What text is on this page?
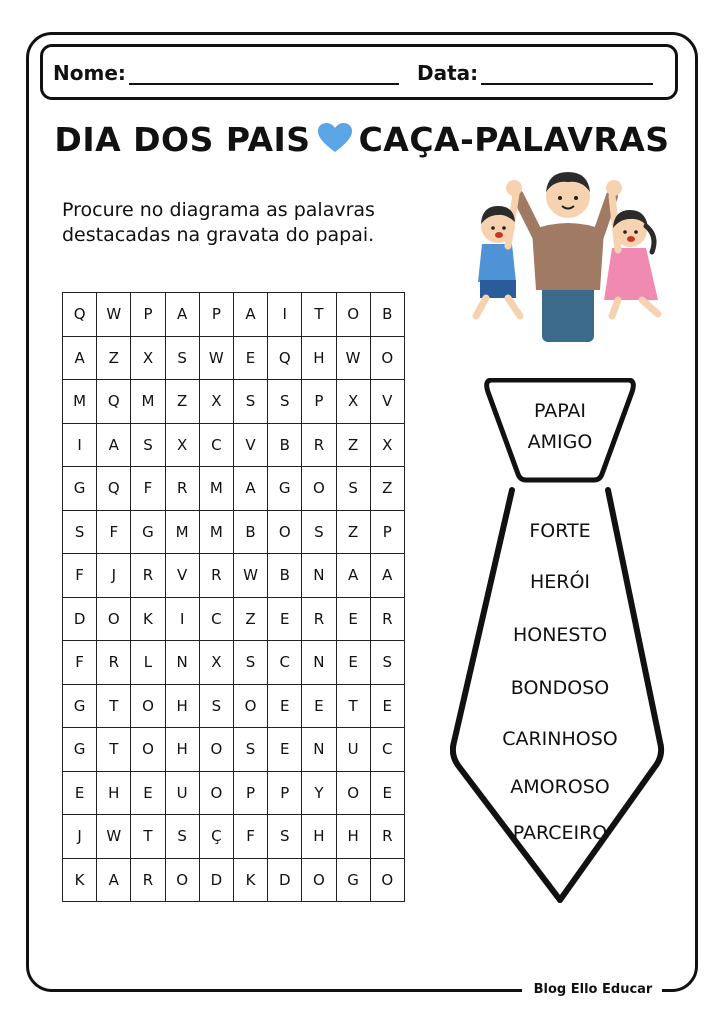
Blog Ello Educar
Nome:	Data:
DIA DOS PAIS CAÇA-PALAVRAS
Procure no diagrama as palavras
destacadas na gravata do papai.
Q	W	P	A	P	A	I	T	O	B
A	Z	X	S	W	E	Q	H	W	O
M	Q	M	Z	X	S	S	P	X	V
I	A	S	X	C	V	B	R	Z	X
G	Q	F	R	M	A	G	O	S	Z
S	F	G	M	M	B	O	S	Z	P
F	J	R	V	R	W	B	N	A	A
D	O	K	I	C	Z	E	R	E	R
F	R	L	N	X	S	C	N	E	S
G	T	O	H	S	O	E	E	T	E
G	T	O	H	O	S	E	N	U	C
E	H	E	U	O	P	P	Y	O	E
J	W	T	S	Ç	F	S	H	H	R
K	A	R	O	D	K	D	O	G	O
PAPAI
AMIGO
FORTE
HERÓI
HONESTO
BONDOSO
CARINHOSO
AMOROSO
PARCEIRO
